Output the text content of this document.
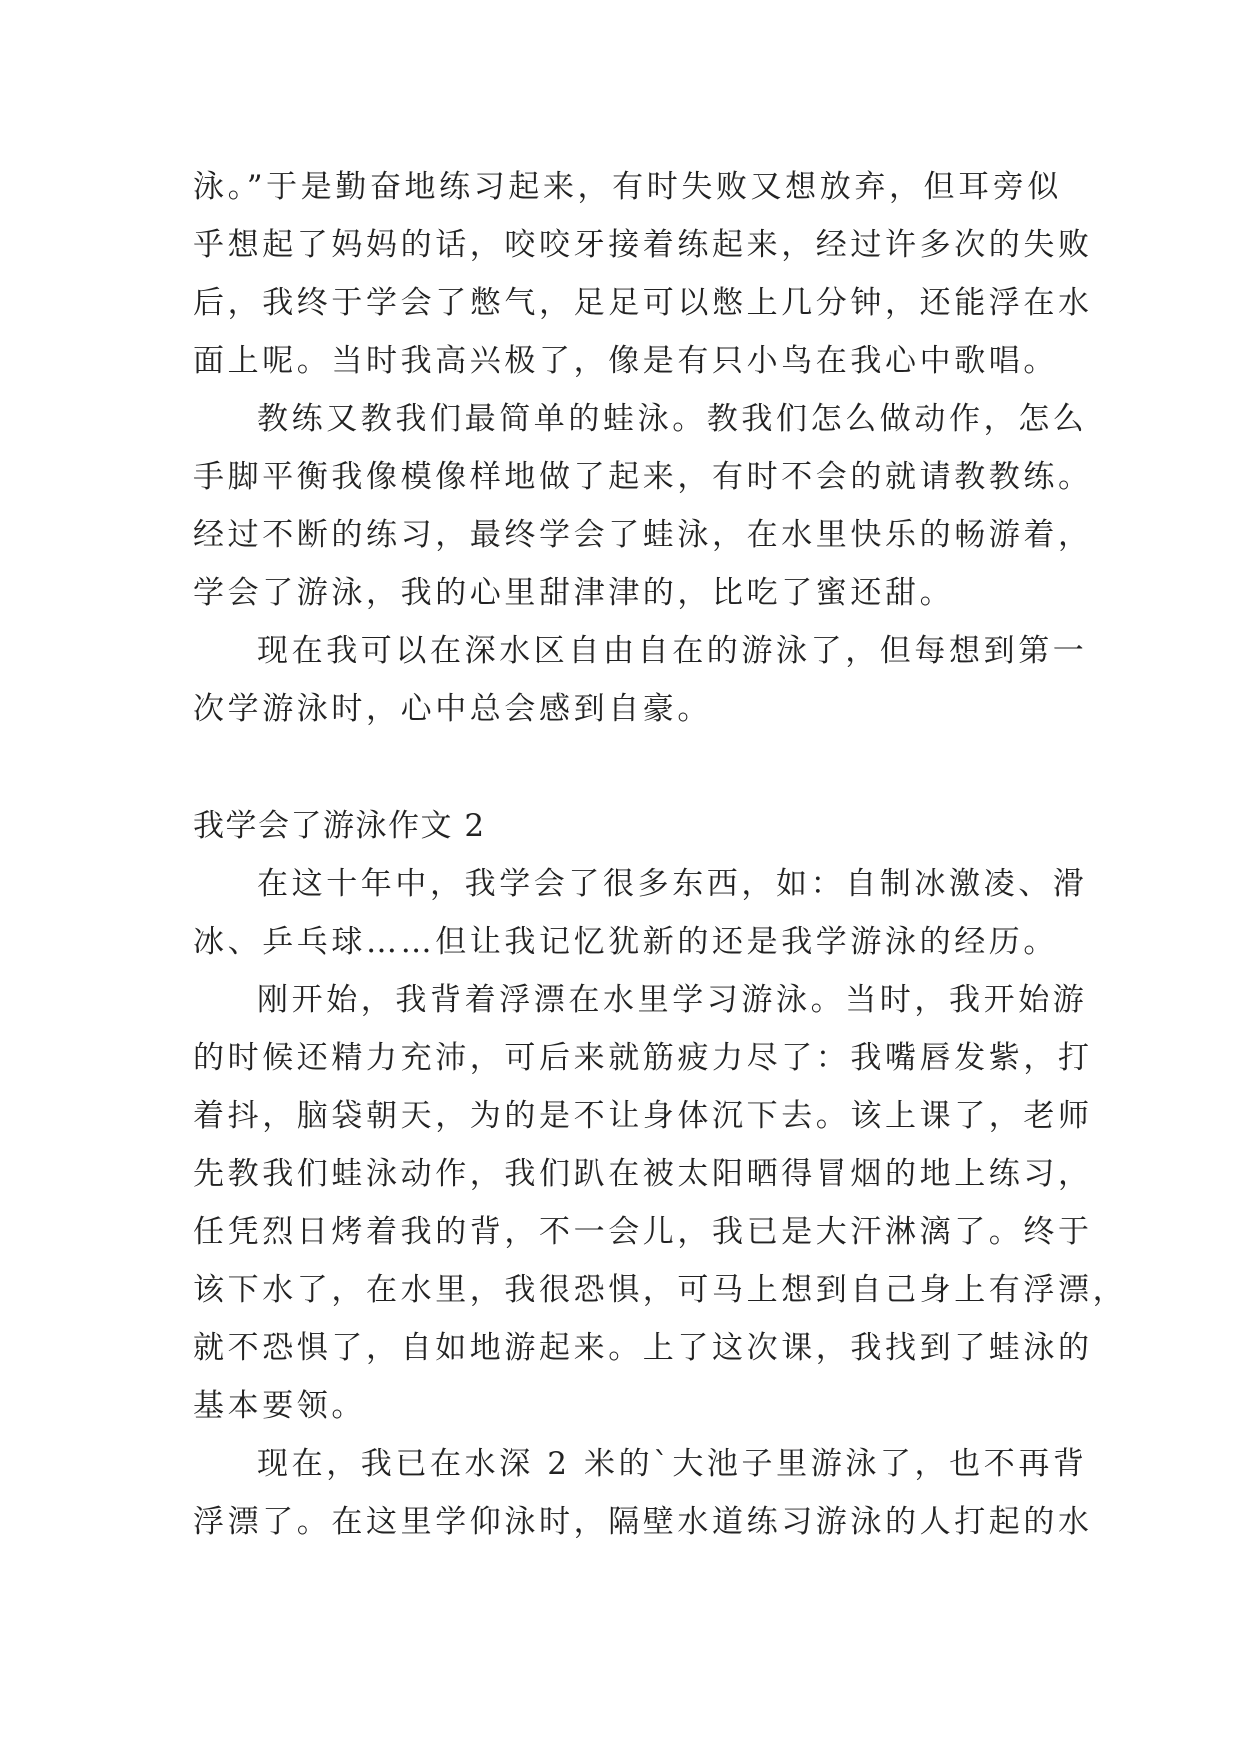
泳。”于是勤奋地练习起来，有时失败又想放弃，但耳旁似
乎想起了妈妈的话，咬咬牙接着练起来，经过许多次的失败
后，我终于学会了憋气，足足可以憋上几分钟，还能浮在水
面上呢。当时我高兴极了，像是有只小鸟在我心中歌唱。
教练又教我们最简单的蛙泳。教我们怎么做动作，怎么
手脚平衡我像模像样地做了起来，有时不会的就请教教练。
经过不断的练习，最终学会了蛙泳，在水里快乐的畅游着，
学会了游泳，我的心里甜津津的，比吃了蜜还甜。
现在我可以在深水区自由自在的游泳了，但每想到第一
次学游泳时，心中总会感到自豪。
我学会了游泳作文 2
在这十年中，我学会了很多东西，如：自制冰激凌、滑
冰、乒乓球……但让我记忆犹新的还是我学游泳的经历。
刚开始，我背着浮漂在水里学习游泳。当时，我开始游
的时候还精力充沛，可后来就筋疲力尽了：我嘴唇发紫，打
着抖，脑袋朝天，为的是不让身体沉下去。该上课了，老师
先教我们蛙泳动作，我们趴在被太阳晒得冒烟的地上练习，
任凭烈日烤着我的背，不一会儿，我已是大汗淋漓了。终于
该下水了，在水里，我很恐惧，可马上想到自己身上有浮漂，
就不恐惧了，自如地游起来。上了这次课，我找到了蛙泳的
基本要领。
现在，我已在水深 2 米的`大池子里游泳了，也不再背
浮漂了。在这里学仰泳时，隔壁水道练习游泳的人打起的水
